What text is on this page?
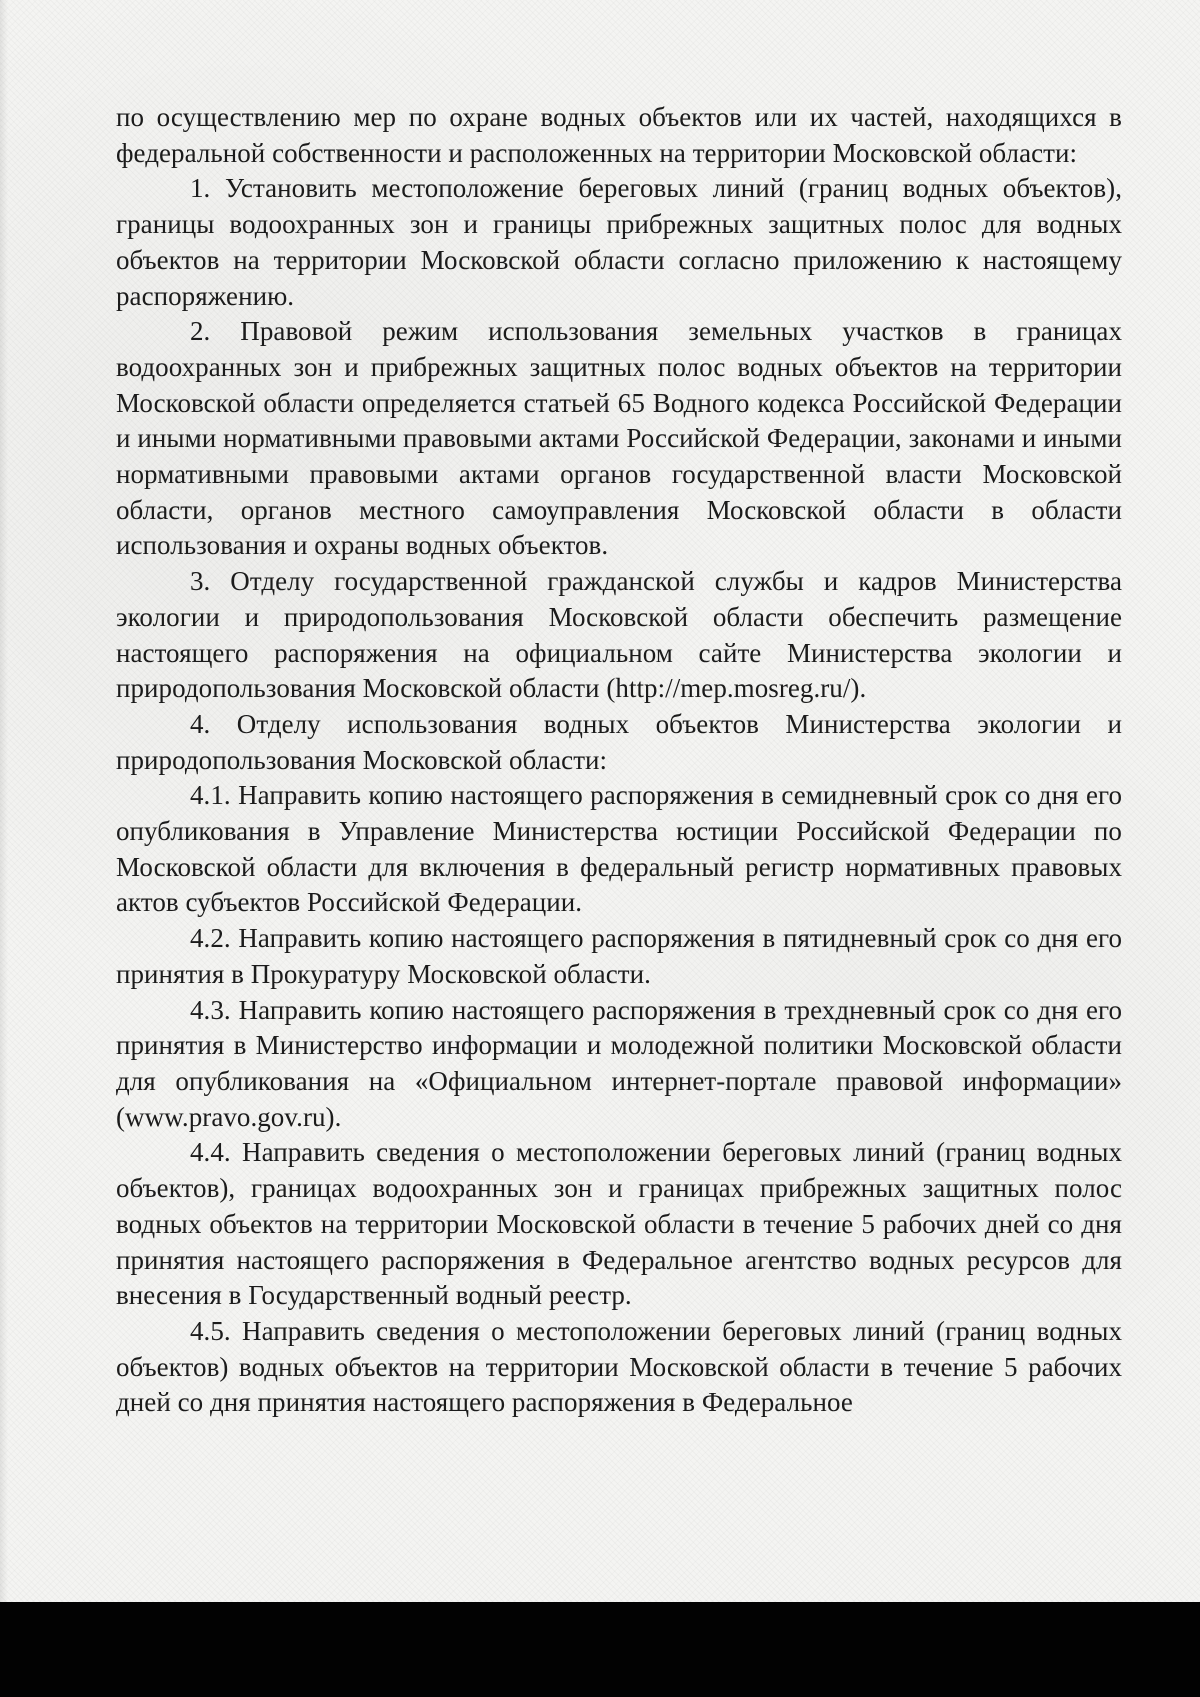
по осуществлению мер по охране водных объектов или их частей, находящихся в федеральной собственности и расположенных на территории Московской области:

1. Установить местоположение береговых линий (границ водных объектов), границы водоохранных зон и границы прибрежных защитных полос для водных объектов на территории Московской области согласно приложению к настоящему распоряжению.

2. Правовой режим использования земельных участков в границах водоохранных зон и прибрежных защитных полос водных объектов на территории Московской области определяется статьей 65 Водного кодекса Российской Федерации и иными нормативными правовыми актами Российской Федерации, законами и иными нормативными правовыми актами органов государственной власти Московской области, органов местного самоуправления Московской области в области использования и охраны водных объектов.

3. Отделу государственной гражданской службы и кадров Министерства экологии и природопользования Московской области обеспечить размещение настоящего распоряжения на официальном сайте Министерства экологии и природопользования Московской области (http://mep.mosreg.ru/).

4. Отделу использования водных объектов Министерства экологии и природопользования Московской области:

4.1. Направить копию настоящего распоряжения в семидневный срок со дня его опубликования в Управление Министерства юстиции Российской Федерации по Московской области для включения в федеральный регистр нормативных правовых актов субъектов Российской Федерации.

4.2. Направить копию настоящего распоряжения в пятидневный срок со дня его принятия в Прокуратуру Московской области.

4.3. Направить копию настоящего распоряжения в трехдневный срок со дня его принятия в Министерство информации и молодежной политики Московской области для опубликования на «Официальном интернет-портале правовой информации» (www.pravo.gov.ru).

4.4. Направить сведения о местоположении береговых линий (границ водных объектов), границах водоохранных зон и границах прибрежных защитных полос водных объектов на территории Московской области в течение 5 рабочих дней со дня принятия настоящего распоряжения в Федеральное агентство водных ресурсов для внесения в Государственный водный реестр.

4.5. Направить сведения о местоположении береговых линий (границ водных объектов) водных объектов на территории Московской области в течение 5 рабочих дней со дня принятия настоящего распоряжения в Федеральное
